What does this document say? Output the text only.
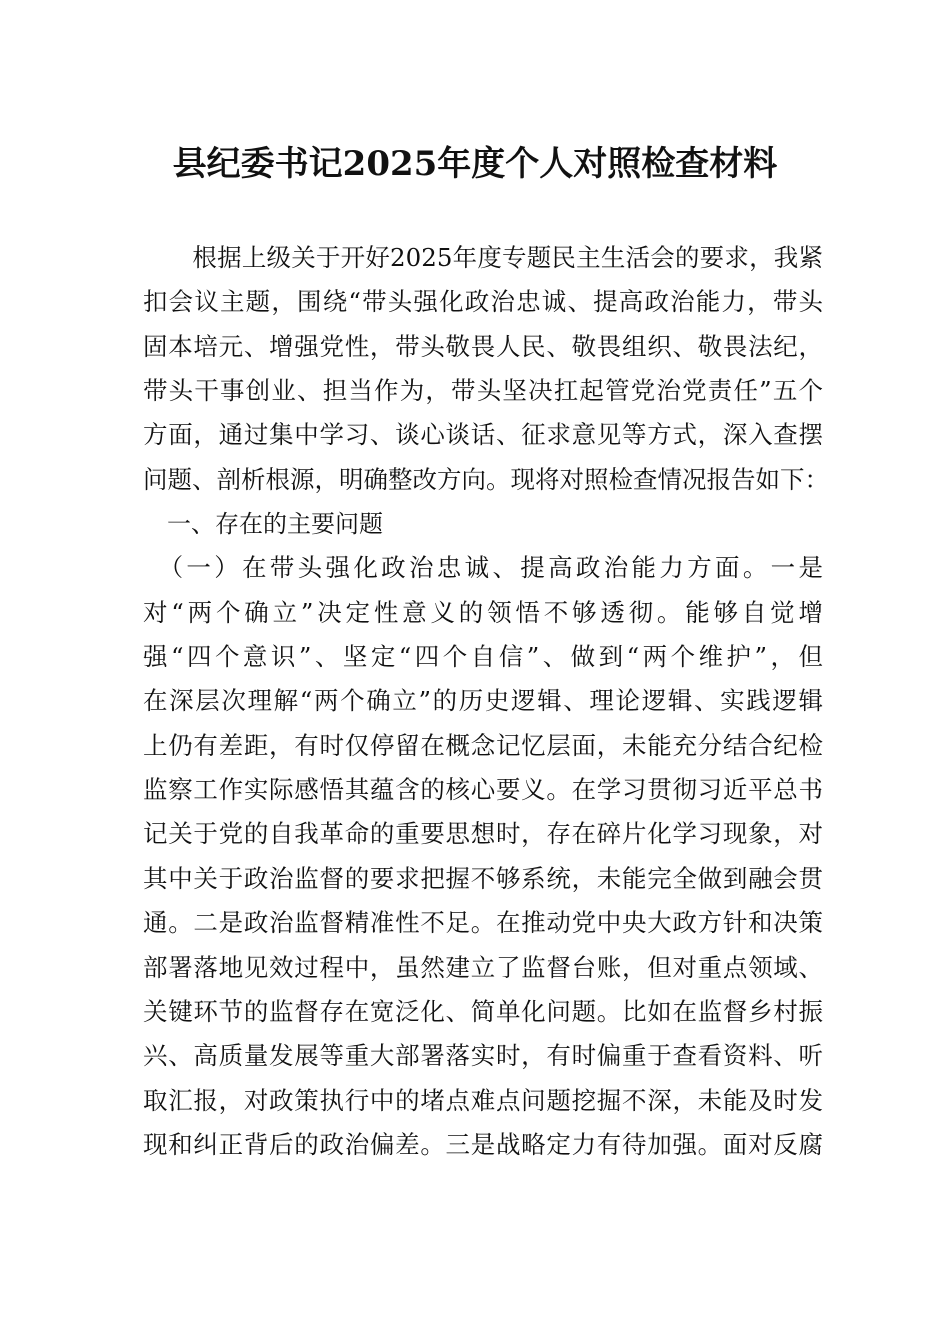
县纪委书记2025年度个人对照检查材料
　　根据上级关于开好2025年度专题民主生活会的要求，我紧
扣会议主题，围绕“带头强化政治忠诚、提高政治能力，带头
固本培元、增强党性，带头敬畏人民、敬畏组织、敬畏法纪，
带头干事创业、担当作为，带头坚决扛起管党治党责任”五个
方面，通过集中学习、谈心谈话、征求意见等方式，深入查摆
问题、剖析根源，明确整改方向。现将对照检查情况报告如下：
一、存在的主要问题
　（一）在带头强化政治忠诚、提高政治能力方面。一是
对“两个确立”决定性意义的领悟不够透彻。能够自觉增
强“四个意识”、坚定“四个自信”、做到“两个维护”，但
在深层次理解“两个确立”的历史逻辑、理论逻辑、实践逻辑
上仍有差距，有时仅停留在概念记忆层面，未能充分结合纪检
监察工作实际感悟其蕴含的核心要义。在学习贯彻习近平总书
记关于党的自我革命的重要思想时，存在碎片化学习现象，对
其中关于政治监督的要求把握不够系统，未能完全做到融会贯
通。二是政治监督精准性不足。在推动党中央大政方针和决策
部署落地见效过程中，虽然建立了监督台账，但对重点领域、
关键环节的监督存在宽泛化、简单化问题。比如在监督乡村振
兴、高质量发展等重大部署落实时，有时偏重于查看资料、听
取汇报，对政策执行中的堵点难点问题挖掘不深，未能及时发
现和纠正背后的政治偏差。三是战略定力有待加强。面对反腐
